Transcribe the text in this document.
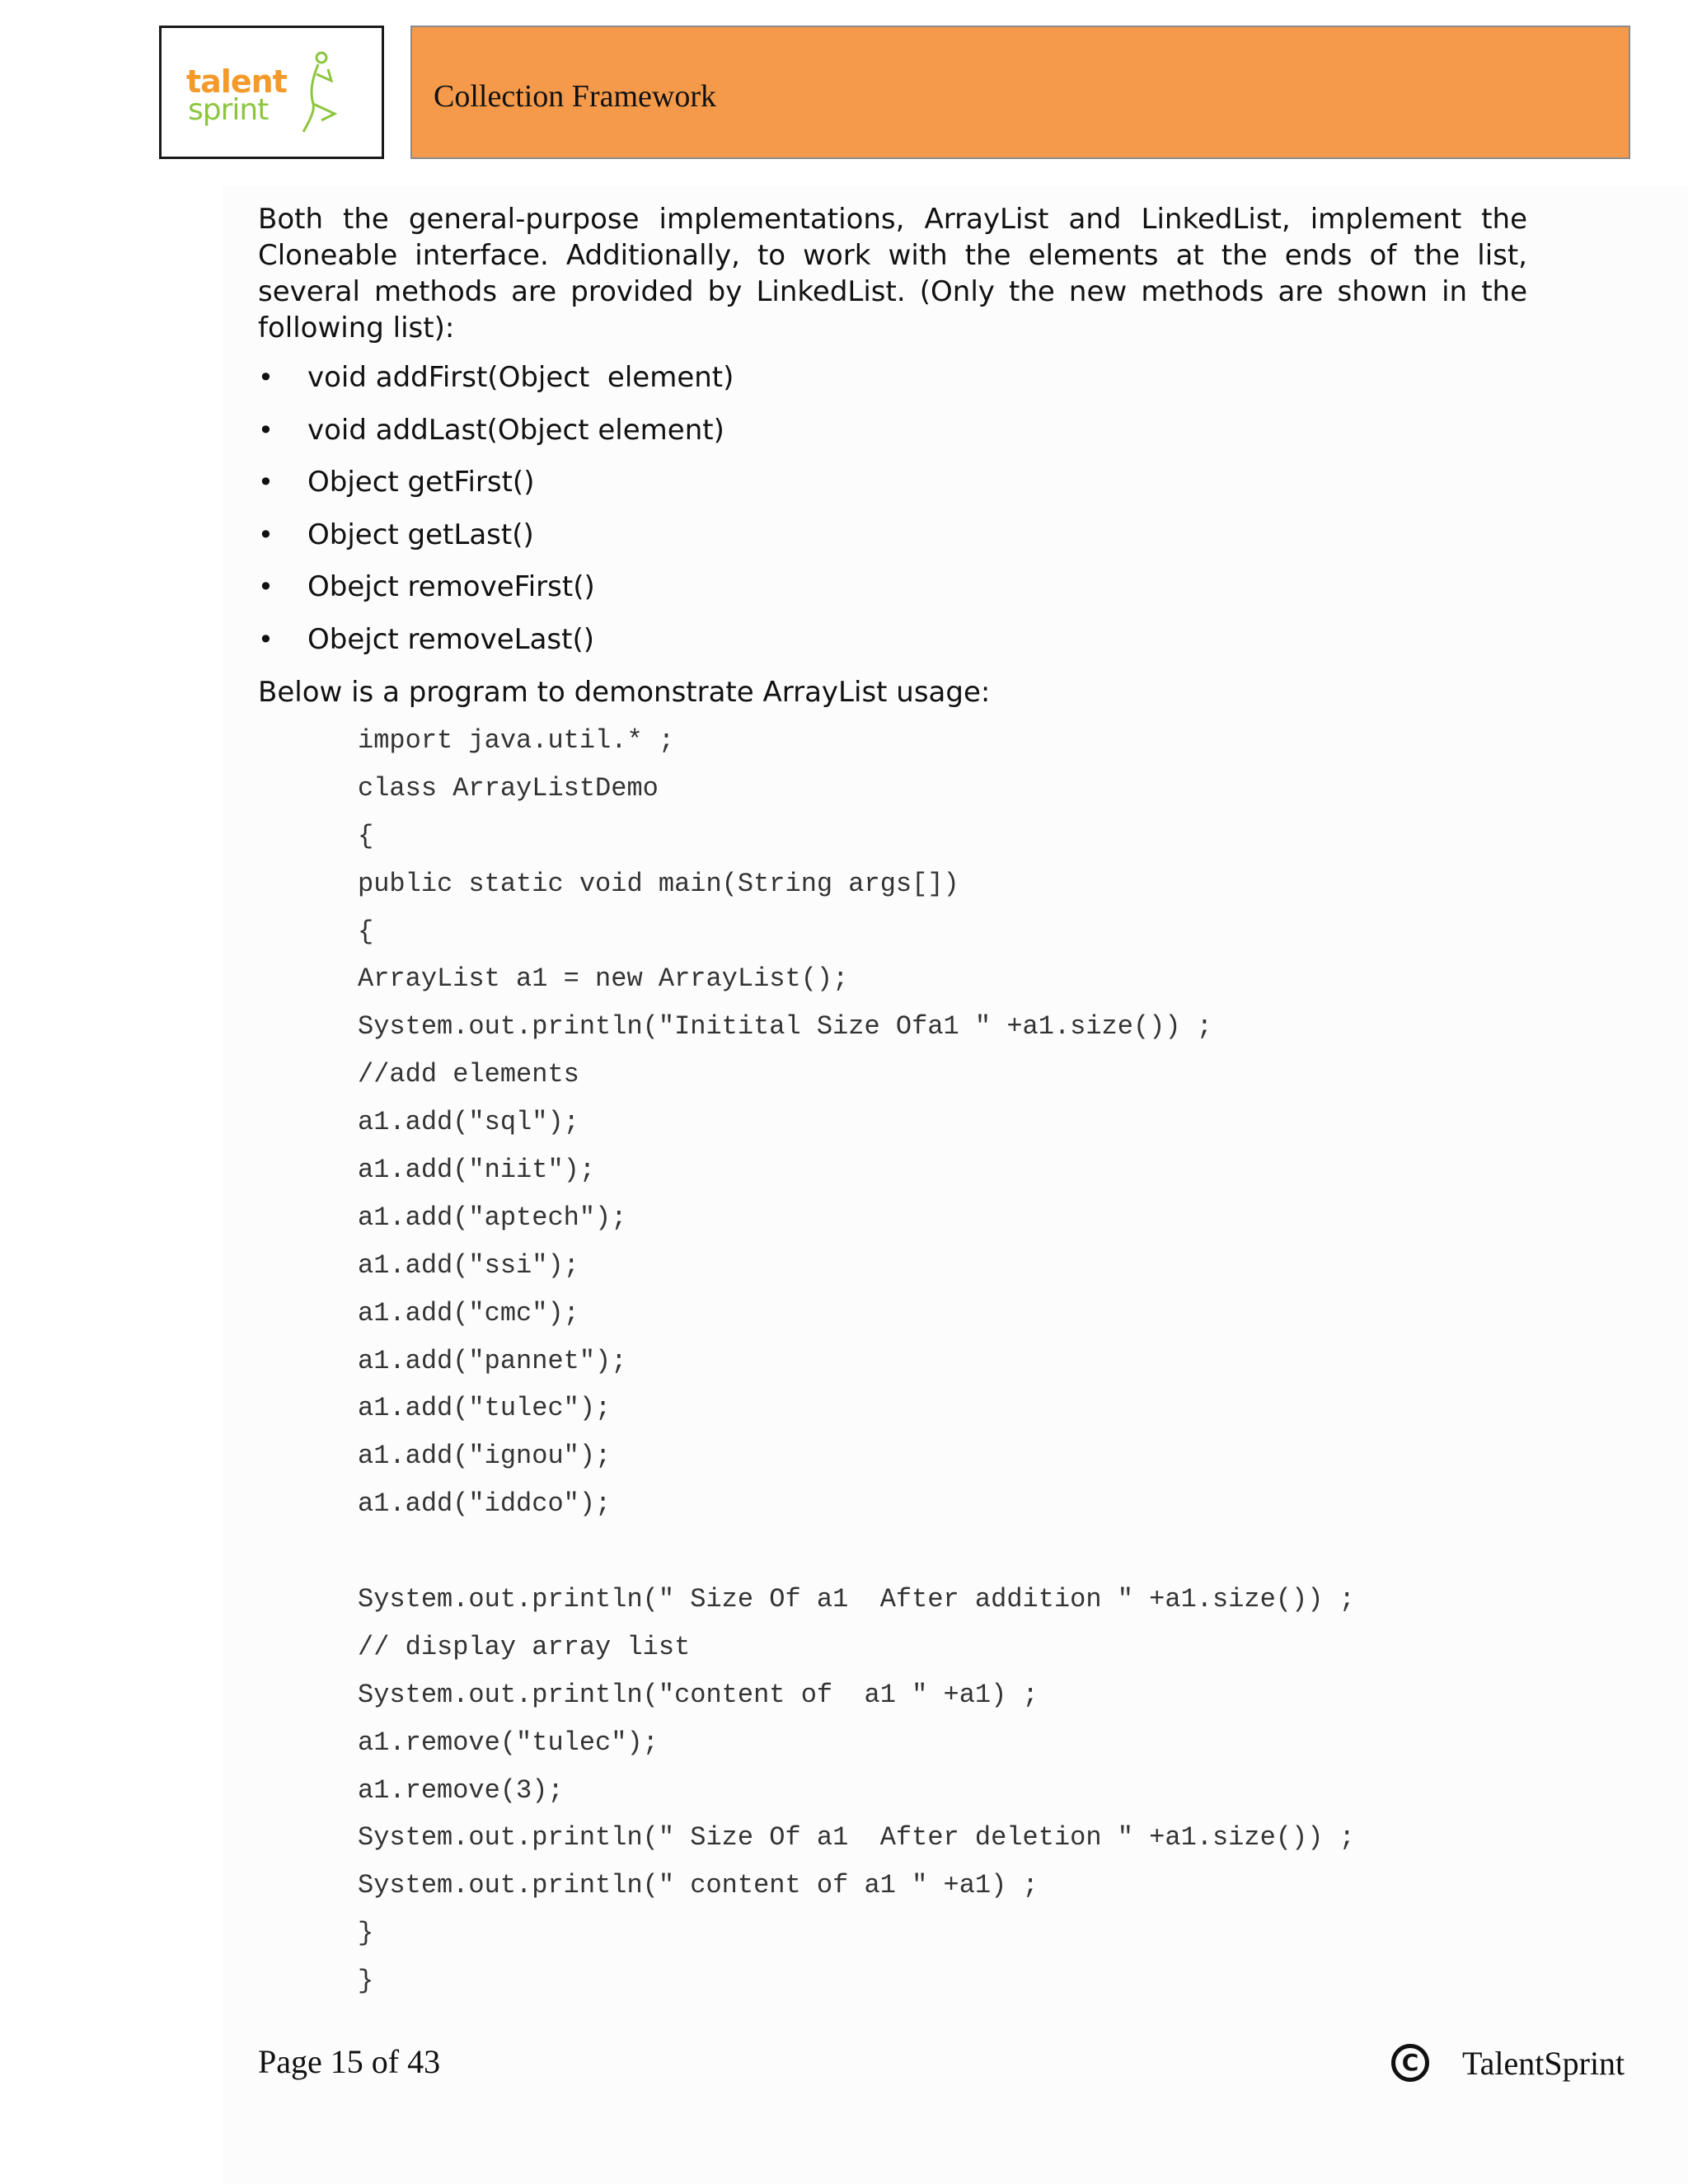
talent
sprint	Collection Framework

Both the general-purpose implementations, ArrayList and LinkedList, implement the Cloneable interface. Additionally, to work with the elements at the ends of the list, several methods are provided by LinkedList. (Only the new methods are shown in the following list):

• void addFirst(Object  element)
• void addLast(Object element)
• Object getFirst()
• Object getLast()
• Obejct removeFirst()
• Obejct removeLast()
Below is a program to demonstrate ArrayList usage:
import java.util.* ;
class ArrayListDemo
{
public static void main(String args[])
{
ArrayList a1 = new ArrayList();
System.out.println("Initital Size Ofa1 " +a1.size()) ;
//add elements
a1.add("sql");
a1.add("niit");
a1.add("aptech");
a1.add("ssi");
a1.add("cmc");
a1.add("pannet");
a1.add("tulec");
a1.add("ignou");
a1.add("iddco");
System.out.println(" Size Of a1  After addition " +a1.size()) ;
// display array list
System.out.println("content of  a1 " +a1) ;
a1.remove("tulec");
a1.remove(3);
System.out.println(" Size Of a1  After deletion " +a1.size()) ;
System.out.println(" content of a1 " +a1) ;
}
}
Page 15 of 43	C	TalentSprint
